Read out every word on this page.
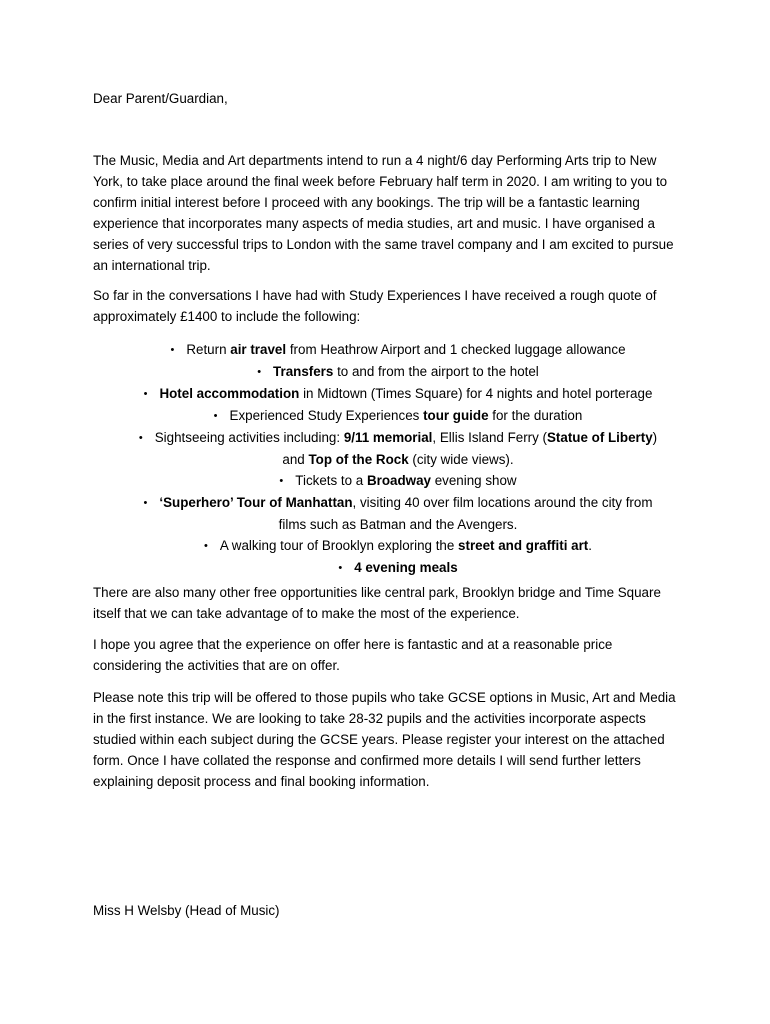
Dear Parent/Guardian,

The Music, Media and Art departments intend to run a 4 night/6 day Performing Arts trip to New York, to take place around the final week before February half term in 2020. I am writing to you to confirm initial interest before I proceed with any bookings. The trip will be a fantastic learning experience that incorporates many aspects of media studies, art and music. I have organised a series of very successful trips to London with the same travel company and I am excited to pursue an international trip.

So far in the conversations I have had with Study Experiences I have received a rough quote of approximately £1400 to include the following:

• Return air travel from Heathrow Airport and 1 checked luggage allowance
• Transfers to and from the airport to the hotel
• Hotel accommodation in Midtown (Times Square) for 4 nights and hotel porterage
• Experienced Study Experiences tour guide for the duration
• Sightseeing activities including: 9/11 memorial, Ellis Island Ferry (Statue of Liberty)
and Top of the Rock (city wide views).
• Tickets to a Broadway evening show
• ‘Superhero’ Tour of Manhattan, visiting 40 over film locations around the city from
films such as Batman and the Avengers.
• A walking tour of Brooklyn exploring the street and graffiti art.
• 4 evening meals

There are also many other free opportunities like central park, Brooklyn bridge and Time Square itself that we can take advantage of to make the most of the experience.

I hope you agree that the experience on offer here is fantastic and at a reasonable price considering the activities that are on offer.

Please note this trip will be offered to those pupils who take GCSE options in Music, Art and Media in the first instance. We are looking to take 28-32 pupils and the activities incorporate aspects studied within each subject during the GCSE years. Please register your interest on the attached form. Once I have collated the response and confirmed more details I will send further letters explaining deposit process and final booking information.

Miss H Welsby (Head of Music)
